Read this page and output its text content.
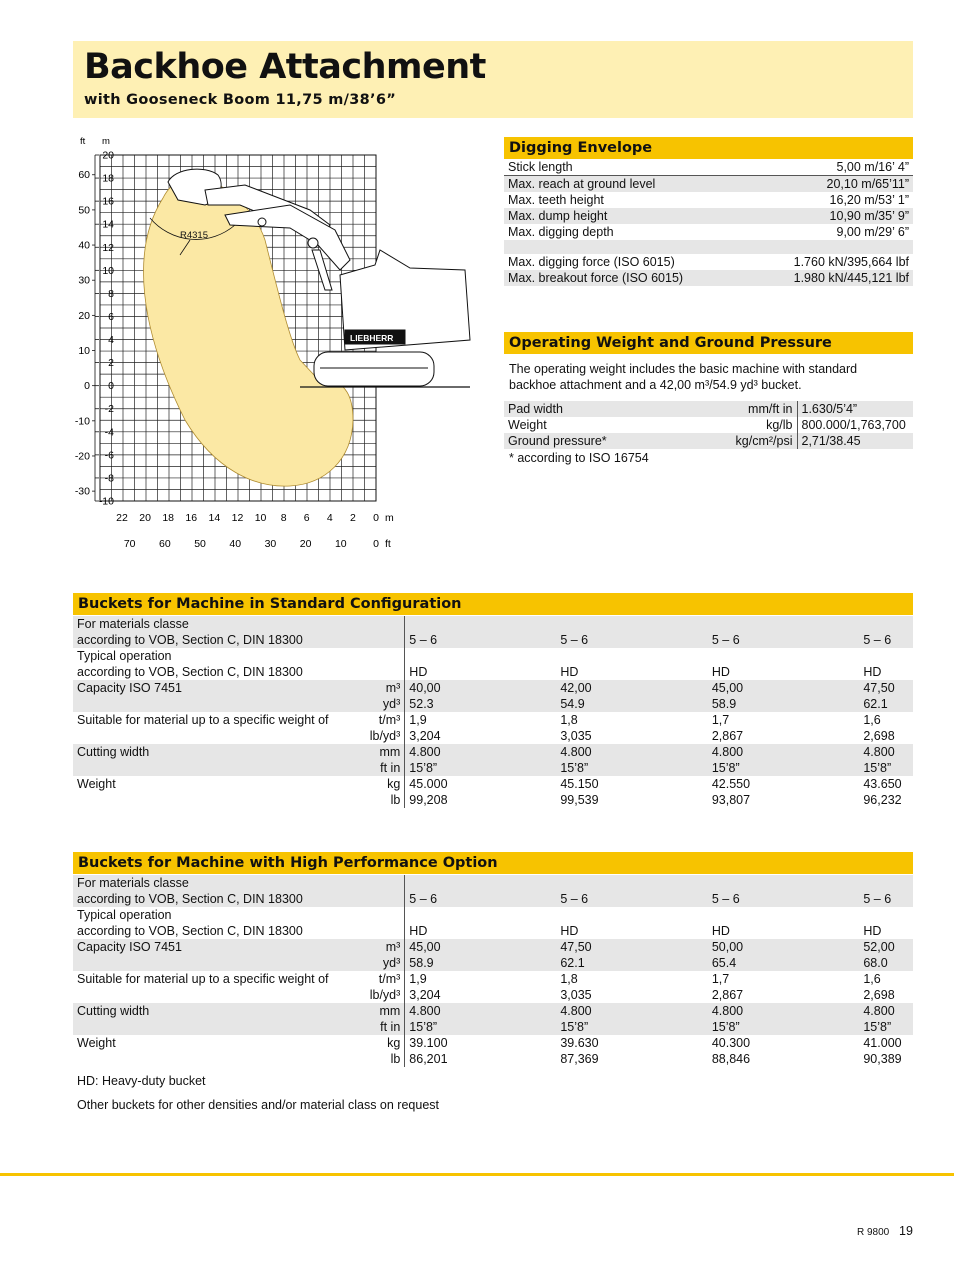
Backhoe Attachment
with Gooseneck Boom 11,75 m/38’6”
R4315
LIEBHERR
ft m
20
18
16
14
12
10
8
6
4
2
0
-2
-4
-6
-8
-10
60
50
40
30
20
10
0
-10
-20
-30
22 20 18 16 14 12 10 8 6 4 2 0 m
70 60 50 40 30 20 10	0 ft
Digging Envelope
Stick length	5,00 m/16’ 4”
Max. reach at ground level	20,10 m/65’11”
Max. teeth height	16,20 m/53’ 1”
Max. dump height	10,90 m/35’ 9”
Max. digging depth	9,00 m/29’ 6”

Max. digging force (ISO 6015)	1.760 kN/395,664 lbf
Max. breakout force (ISO 6015)	1.980 kN/445,121 lbf
Operating Weight and Ground Pressure
The operating weight includes the basic machine with standard
backhoe attachment and a 42,00 m³/54.9 yd³ bucket.
Pad width	mm/ft in	1.630/5’4”
Weight	kg/lb	800.000/1,763,700
Ground pressure*	kg/cm²/psi	2,71/38.45
* according to ISO 16754
Buckets for Machine in Standard Configuration
For materials classe					
according to VOB, Section C, DIN 18300		5 – 6	5 – 6	5 – 6	5 – 6
Typical operation					
according to VOB, Section C, DIN 18300		HD	HD	HD	HD
Capacity ISO 7451	m³	40,00	42,00	45,00	47,50
	yd³	52.3	54.9	58.9	62.1
Suitable for material up to a specific weight of	t/m³	1,9	1,8	1,7	1,6
	lb/yd³	3,204	3,035	2,867	2,698
Cutting width	mm	4.800	4.800	4.800	4.800
	ft in	15’8”	15’8”	15’8”	15’8”
Weight	kg	45.000	45.150	42.550	43.650
	lb	99,208	99,539	93,807	96,232
Buckets for Machine with High Performance Option
For materials classe					
according to VOB, Section C, DIN 18300		5 – 6	5 – 6	5 – 6	5 – 6
Typical operation					
according to VOB, Section C, DIN 18300		HD	HD	HD	HD
Capacity ISO 7451	m³	45,00	47,50	50,00	52,00
	yd³	58.9	62.1	65.4	68.0
Suitable for material up to a specific weight of	t/m³	1,9	1,8	1,7	1,6
	lb/yd³	3,204	3,035	2,867	2,698
Cutting width	mm	4.800	4.800	4.800	4.800
	ft in	15’8”	15’8”	15’8”	15’8”
Weight	kg	39.100	39.630	40.300	41.000
	lb	86,201	87,369	88,846	90,389
HD: Heavy-duty bucket
Other buckets for other densities and/or material class on request
R 9800 19
